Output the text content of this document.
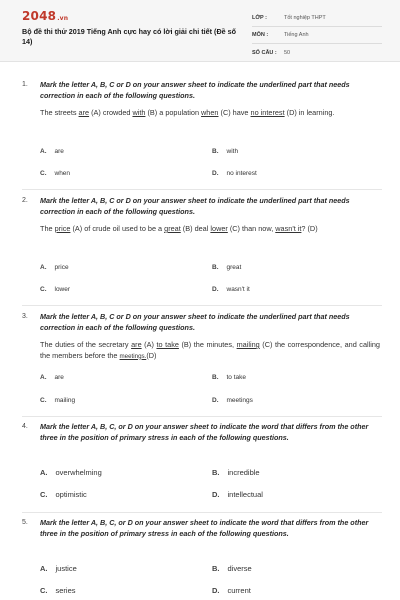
2048.vn
Bộ đề thi thử 2019 Tiếng Anh cực hay có lời giải chi tiết (Đề số 14)
LỚP :	Tốt nghiệp THPT
MÔN :	Tiếng Anh
SỐ CÂU :	50
1. Mark the letter A, B, C or D on your answer sheet to indicate the underlined part that needs correction in each of the following questions.
The streets are (A) crowded with (B) a population when (C) have no interest (D) in learning.
A. are	B. with
C. when	D. no interest
2. Mark the letter A, B, C or D on your answer sheet to indicate the underlined part that needs correction in each of the following questions.
The price (A) of crude oil used to be a great (B) deal lower (C) than now, wasn't it? (D)
A. price	B. great
C. lower	D. wasn't it
3. Mark the letter A, B, C or D on your answer sheet to indicate the underlined part that needs correction in each of the following questions.
The duties of the secretary are (A) to take (B) the minutes, mailing (C) the correspondence, and calling the members before the meetings.(D)
A. are	B. to take
C. mailing	D. meetings
4. Mark the letter A, B, C, or D on your answer sheet to indicate the word that differs from the other three in the position of primary stress in each of the following questions.
A. overwhelming	B. incredible
C. optimistic	D. intellectual
5. Mark the letter A, B, C, or D on your answer sheet to indicate the word that differs from the other three in the position of primary stress in each of the following questions.
A. justice	B. diverse
C. series	D. current
